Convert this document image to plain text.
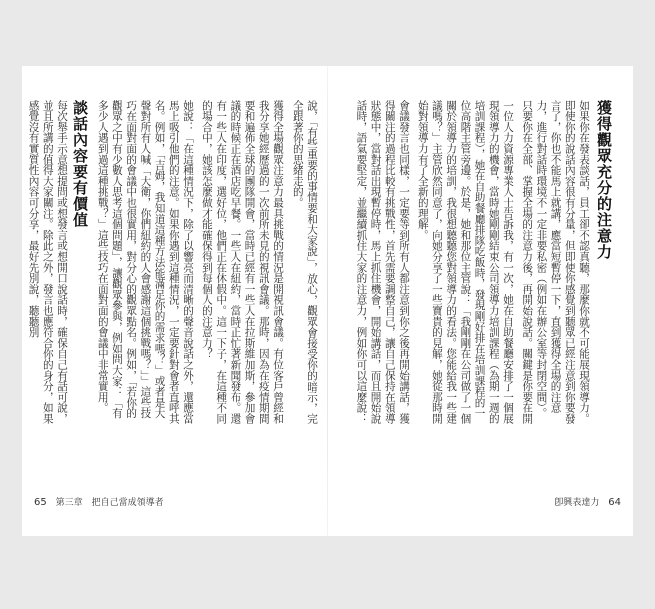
說，「有些重要的事情要和大家說」，放心，觀眾會接受你的暗示，完全跟著你的思緒走的。
獲得全場觀眾注意力最具挑戰的情況是開視訊會議。有位客戶曾經和我分享她經歷過的一次前所未見的視訊會議。那時，因為在疫情期間要和遍佈全球的團隊開會，當時已經有一些人在拉斯維加斯，參加會議的時候正在酒店吃早餐。一些人在紐約，當時正忙著新聞發布。還有一些人在印度，選好位，他們正在休假中。這一下子，在這種不同的場合中，她該怎麼做才能確保得到每個人的注意力？
她說：「在這種情況下，除了以響亮而清晰的聲音說話之外，還應當馬上吸引他們的注意。如果你遇到這種情況，一定要針對會者直呼其名。例如，「吉姆，我知道這種方法能滿足你的需求嗎？」或者是大聲對所有人喊「大衛，你們紐約的人會感謝這個挑戰嗎？」」這些技巧在面對面的會議中也很實用，對分心的觀眾點名。例如，「若你的觀眾之中有少數人思考這個問題」，讓觀眾參與，例如問大家：「有多少人遇到過這種挑戰？」這些技巧在面對面的會議中非常實用。
談話內容要有價值
每次舉手示意想提問或想發言或想開口說話時，確保自己有話可說，並且所講的值得大家關注。除此之外，發言也應符合你的身分，如果感覺沒有實質性內容可分享，最好先別說，聽聽別
65 第三章　把自己當成領導者
獲得觀眾充分的注意力
如果你在發表談話，員工卻不認真聽，那麼你就不可能展現領導力。即使你的說話內容很有分量，但即使你感覺到聽眾已經注意到你要發言了，你也不能馬上就講，應當短暫停一下，直到獲得全場的注意力，進行對話時環境不一定非要私密（例如在辦公室等封閉空間）。只要你在全部、掌握全場的注意力後，再開始說話。關鍵是你要在開
一位人力資源專業人士告訴我，有一次，她在自助餐廳安排了一個展現領導力的機會，當時她剛剛結束公司領導力培訓課程（為期一週的培訓課程），她在自助餐廳排隊吃飯時，發現剛好排在培訓課程的一位高階主管旁邊。於是，她和那位主管說：「我剛剛在公司做了一個關於領導力的培訓，我很想聽聽您對領導力的看法。您能給我一些建議嗎？」主管欣然同意了，向她分享了一些寶貴的見解，她從那時開始對領導力有了全新的理解。
會議發言也同樣，一定要等到所有人都注意到你之後再開始講話，獲得關注的過程比較有挑戰性，首先需要調整自己，讓自己保持在領導狀態中，當對話出現暫停時，馬上抓住機會，開始講話，而且開始說話時，語氣要堅定，並繼續抓住大家的注意力，例如你可以這麼說：
卽興表達力 64
